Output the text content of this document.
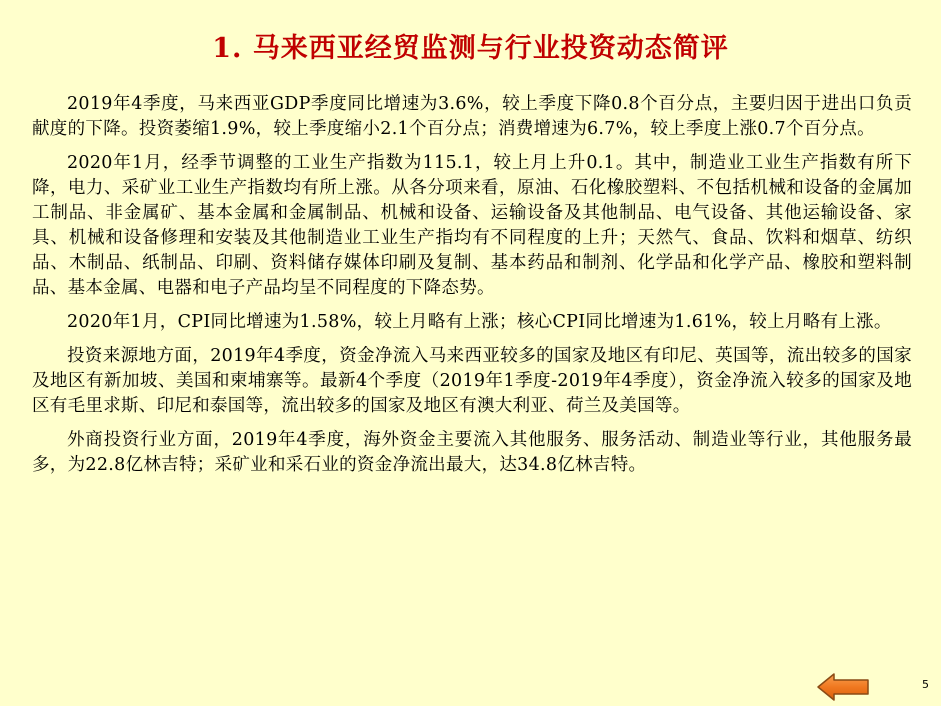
1. 马来西亚经贸监测与行业投资动态简评

2019年4季度，马来西亚GDP季度同比增速为3.6%，较上季度下降0.8个百分点，主要归因于进出口负贡献度的下降。投资萎缩1.9%，较上季度缩小2.1个百分点；消费增速为6.7%，较上季度上涨0.7个百分点。

2020年1月，经季节调整的工业生产指数为115.1，较上月上升0.1。其中，制造业工业生产指数有所下降，电力、采矿业工业生产指数均有所上涨。从各分项来看，原油、石化橡胶塑料、不包括机械和设备的金属加工制品、非金属矿、基本金属和金属制品、机械和设备、运输设备及其他制品、电气设备、其他运输设备、家具、机械和设备修理和安装及其他制造业工业生产指均有不同程度的上升；天然气、食品、饮料和烟草、纺织品、木制品、纸制品、印刷、资料储存媒体印刷及复制、基本药品和制剂、化学品和化学产品、橡胶和塑料制品、基本金属、电器和电子产品均呈不同程度的下降态势。

2020年1月，CPI同比增速为1.58%，较上月略有上涨；核心CPI同比增速为1.61%，较上月略有上涨。

投资来源地方面，2019年4季度，资金净流入马来西亚较多的国家及地区有印尼、英国等，流出较多的国家及地区有新加坡、美国和柬埔寨等。最新4个季度（2019年1季度-2019年4季度），资金净流入较多的国家及地区有毛里求斯、印尼和泰国等，流出较多的国家及地区有澳大利亚、荷兰及美国等。

外商投资行业方面，2019年4季度，海外资金主要流入其他服务、服务活动、制造业等行业，其他服务最多，为22.8亿林吉特；采矿业和采石业的资金净流出最大，达34.8亿林吉特。

5
